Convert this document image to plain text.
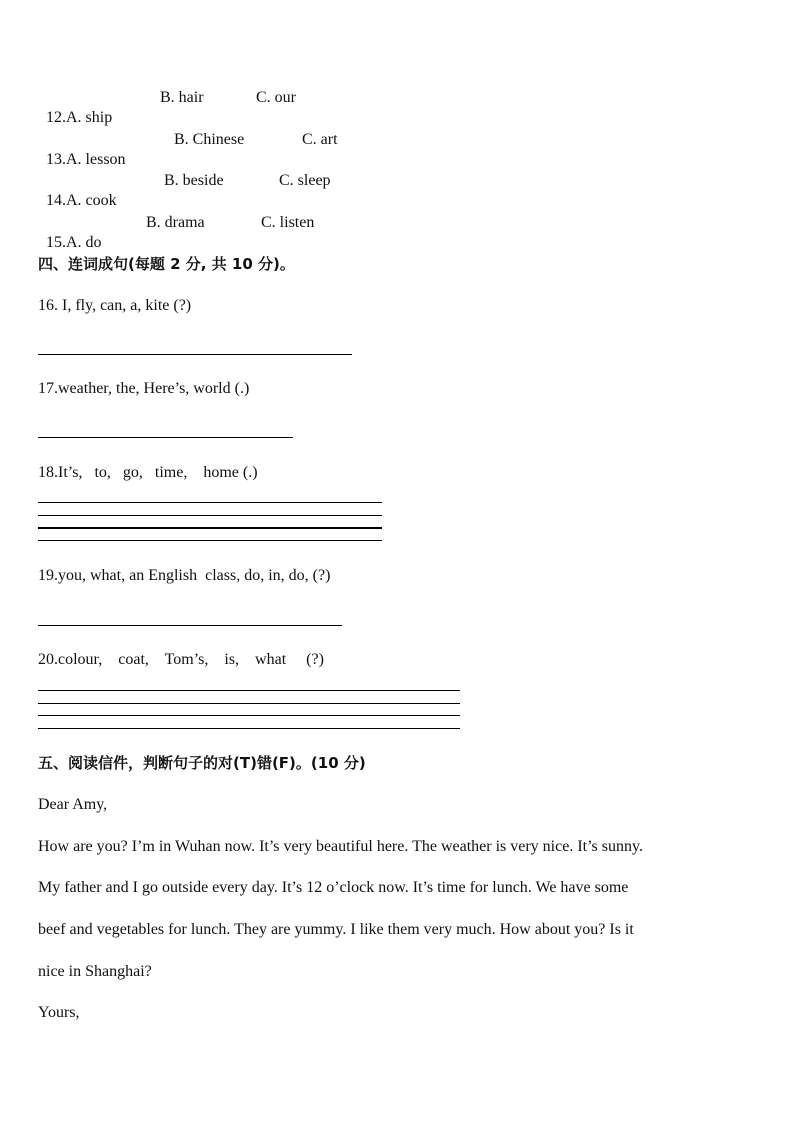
12.A. ship

B. hair

	C. our

13.A. lesson

B. Chinese

	C. art

14.A. cook

B. beside

	C. sleep

15.A. do

B. drama

	C. listen

四、连词成句(每题 2 分, 共 10 分)。
16. I, fly, can, a, kite (?)
17.weather, the, Here’s, world (.)
18.It’s,   to,   go,   time,    home (.)
19.you, what, an English  class, do, in, do, (?)
20.colour,    coat,    Tom’s,    is,    what     (?)
五、阅读信件，判断句子的对(T)错(F)。(10 分)
Dear Amy,
How are you? I’m in Wuhan now. It’s very beautiful here. The weather is very nice. It’s sunny.
My father and I go outside every day. It’s 12 o’clock now. It’s time for lunch. We have some
beef and vegetables for lunch. They are yummy. I like them very much. How about you? Is it
nice in Shanghai?
Yours,
